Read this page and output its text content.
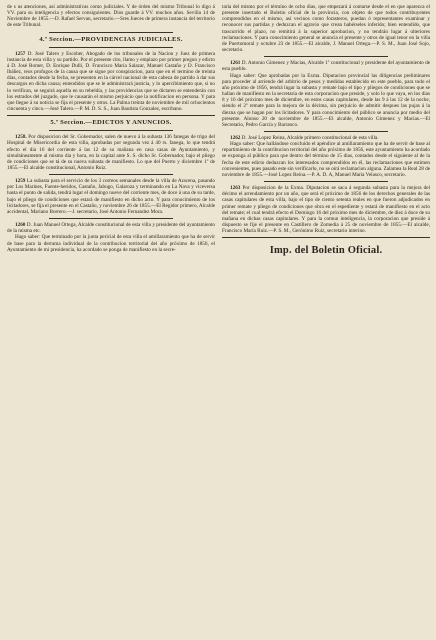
de s us atenciones, así administrativas como judiciales. Y de órden del mismo Tribunal lo digo á VV. para su inteligencia y efectos consiguientes. Dios guarde á VV. muchos años. Sevilla 14 de Noviembre de 1855.—D. Rafael Servan, secretario.—Sres Jueces de primera instancia del territorio de este Tribunal.

4.ª Seccion.—PROVIDENCIAS JUDICIALES.

1257 D. José Talero y Escober, Abogado de los tribunales de la Nacion y Juez de primera instancia de esta villa y su partido. Por el presente cito, llamo y emplazo por primer pregon y edicto á D. José Romer, D. Enrique Dulli, D. Francisco María Salazar, Manuel Castaño y D. Francisco Ibáñez, reos profugos de la causa que se sigue por conspiracion, para que en el termino de treinta dias, contados desde la fecha, se presenten en la cárcel nacional de esta cabeza de partido á dar sus descargos en dicha causa; entendidos que se le administrará justicia, y lo apercibimiento que, si no lo verifican, se seguirá aquella en su rebeldía, y las providencias que se dictaren se entenderán con los estrados del juzgado, que le causarán el mismo perjuicio que la notificacion en persona. Y para que llegue á su noticia se fija el presente y otros. La Palma treinta de noviembre de mil ochocientos cincuenta y cinco.—José Talero.—P. M. D. S. S., Juan Bautista Gonzalez, escribano.

5.ª Seccion.—EDICTOS Y ANUNCIOS.

1258. Por disposicion del Sr. Gobernador, salen de nuevo á la subasta 136 fanegas de trigo del Hospital de Misericordia de esta villa, aprobadas por segunda vez á 40 rs. fanega, lo que tendrá efecto el dia 16 del corriente á las 12 de su mañana en casa casas de Ayuntamiento, y simultáneamente al mismo dia y hora, en la capital ante S. S. dicho Sr. Gobernador, bajo el pliego de condiciones que se tá de su nueva subasta de manifiesto. Lo que del Puerto y diciembre 1º de 1855.—El alcalde constitucional, Antonio Ruiz.

1259 La subasta para el servicio de los 3 correos semanales desde la villa de Aracena, pasando por Los Marines, Fuente-heridos, Castaño, Jabugo, Galaroza y terminando en La Nava y viceversa hasta el punto de salida, tendrá lugar el domingo nueve del corriente mes, de doce á una de su tarde, bajo el pliego de condiciones que estará de manifiesto en dicho acto. Y para conocimiento de los licitadores, se fija el presente en el Castaño, y noviembre 26 de 1855.—El Regidor primero, Alcalde accidental, Mariano Borrero.—J. secretario, José Antonio Fernandez Mora.

1260 D. Juan Manuel Ortega, Alcalde constitucional de esta villa y presidente del ayuntamiento de la misma etc.

Hago saber: Que terminado por la junta pericial de esta villa el amillaramiento que ha de servir de base para la derrama individual de la contribucion territorial del año próximo de 1856, el Ayuntamiento de mi presidencia, ha acordado se ponga de manifiesto en la secre-

taría del mismo por el término de ocho dias, que empezará á contarse desde el en que aparezca el presente insertado el Boletin oficial de la provincia, con objeto de que todos contribuyentes comprendidos en el mismo, así vecinos como forasteros, puedan ó representantes examinar y reconocer sus partidas y deduzcan el agravio que crean habérseles inferido; bien entendido, que trascurrido el plazo, no remitirá á la superior aprobacion, y no tendrán lugar á ulteriores reclamaciones. Y para conocimiento general se anuncia el presente y otros de igual tenor en la villa de Puertomoral y octubre 23 de 1855.—El alcalde, J. Manuel Ortega.—P. S. M., Juan José Sojo, secretario.

1261 D. Antonio Gimenez y Macias, Alcalde 1º constitucional y presidente del ayuntamiento de esta pueblo.

Hago saber: Que aprobadas por la Exma. Diputacion provincial las diligencias preliminares para proceder al arriendo del arbitrio de pesos y medidas establecido en este pueblo, para todo el año próximo de 1856, tendrá lugar la subasta y remate bajo el tipo y pliegos de condiciones que se hallan de manifiesto en la secretaría de esta corporacion que preside, y solo lo que vaya, en los dias 8 y 16 del próximo mes de diciembre, en estos casas capitulares, desde las 9 á las 12 de la noche, siendo el 2º remate para la mejora de la décima, sin perjuicio de admitir despues las pujas á la diezna que se hagan por los licitadores. Y para conocimiento del público se anuncia por medio del presente. Alonso 20 de noviembre de 1855.—El alcalde, Antonio Gimenez y Macias.—El Secretario, Pedro García y Barranco.

1262 D. José Lopez Reina, Alcalde primero constitucional de esta villa.

Hago saber: Que hallándose concluido el apéndice al amillaramiento que ha de servir de base al repartimiento de la contribucion territorial del año próximo de 1856, este ayuntamiento ha acordado se exponga al público para que dentro del término de 15 dias, contados desde el siguiente al de la fecha de este edicto deduzcan los interesados comprendidos en él, las reclamaciones que estimen convenientes, pues pasado este sin verificarlo, no se oirá reclamacion alguna. Zalamea la Real 28 de noviembre de 1855.—José Lopez Reina.—P. A. D. A, Manuel María Velasco, secretario.

1263 Por disposicion de la Exma. Diputacion se saca á segunda subasta para la mejora del décimo el arrendamiento por un año, que será el próximo de 1856 de los derechos generales de las casas capitulares de esta villa, bajo el tipo de ciento setenta reales en que fueron adjudicados en primer remate y pliego de condiciones que obra en el espediente y estará de manifiesto en el acto del remate; el cual tendrá efecto el Domingo 16 del próximo mes de diciembre, de diez á doce de su mañana en dichas casas capitulares. Y para la comun inteligencia, la corporacion que preside á dispuesto se fije el presente en Castillero de Zomedia á 25 de noviembre de 1855.—El alcalde, Francisco María Ruiz.—P. S. M., Gerónimo Ruiz, secretario interino.

Imp. del Boletin Oficial.
